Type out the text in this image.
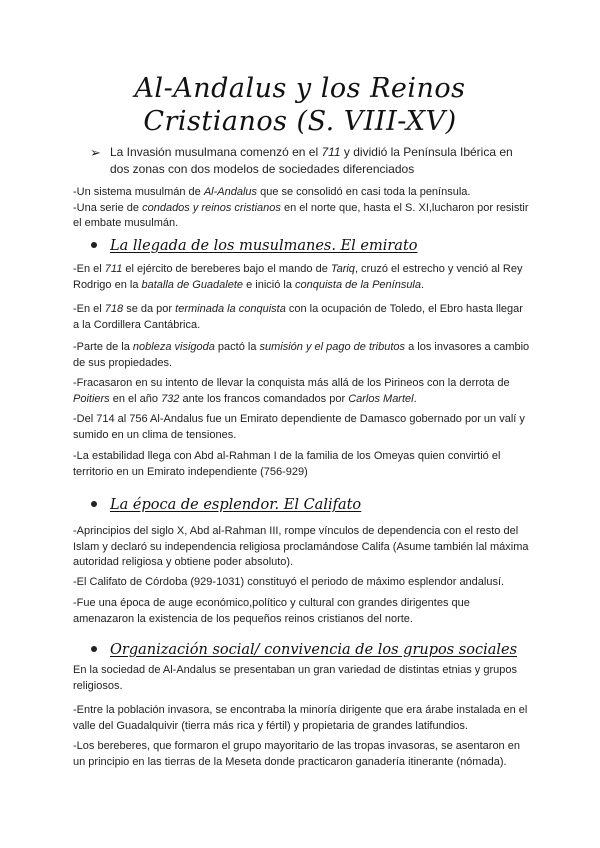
Al-Andalus y los Reinos Cristianos (S. VIII-XV)
➢ La Invasión musulmana comenzó en el 711 y dividió la Península Ibérica en dos zonas con dos modelos de sociedades diferenciados
-Un sistema musulmán de Al-Andalus que se consolidó en casi toda la península.
-Una serie de condados y reinos cristianos en el norte que, hasta el S. XI,lucharon por resistir el embate musulmán.
La llegada de los musulmanes. El emirato
-En el 711 el ejército de bereberes bajo el mando de Tariq, cruzó el estrecho y venció al Rey Rodrigo en la batalla de Guadalete e inició la conquista de la Península.
-En el 718 se da por terminada la conquista con la ocupación de Toledo, el Ebro hasta llegar a la Cordillera Cantábrica.
-Parte de la nobleza visigoda pactó la sumisión y el pago de tributos a los invasores a cambio de sus propiedades.
-Fracasaron en su intento de llevar la conquista más allá de los Pirineos con la derrota de Poitiers en el año 732 ante los francos comandados por Carlos Martel.
-Del 714 al 756 Al-Andalus fue un Emirato dependiente de Damasco gobernado por un valí y sumido en un clima de tensiones.
-La estabilidad llega con Abd al-Rahman I de la familia de los Omeyas quien convirtió el territorio en un Emirato independiente (756-929)
La época de esplendor. El Califato
-Aprincipios del siglo X, Abd al-Rahman III, rompe vínculos de dependencia con el resto del Islam y declaró su independencia religiosa proclamándose Califa (Asume también lal máxima autoridad religiosa y obtiene poder absoluto).
-El Califato de Córdoba (929-1031) constituyó el periodo de máximo esplendor andalusí.
-Fue una época de auge económico,político y cultural con grandes dirigentes que amenazaron la existencia de los pequeños reinos cristianos del norte.
Organización social/ convivencia de los grupos sociales
En la sociedad de Al-Andalus se presentaban un gran variedad de distintas etnias y grupos religiosos.
-Entre la población invasora, se encontraba la minoría dirigente que era árabe instalada en el valle del Guadalquivir (tierra más rica y fértil) y propietaria de grandes latifundios.
-Los bereberes, que formaron el grupo mayoritario de las tropas invasoras, se asentaron en un principio en las tierras de la Meseta donde practicaron ganadería itinerante (nómada).
